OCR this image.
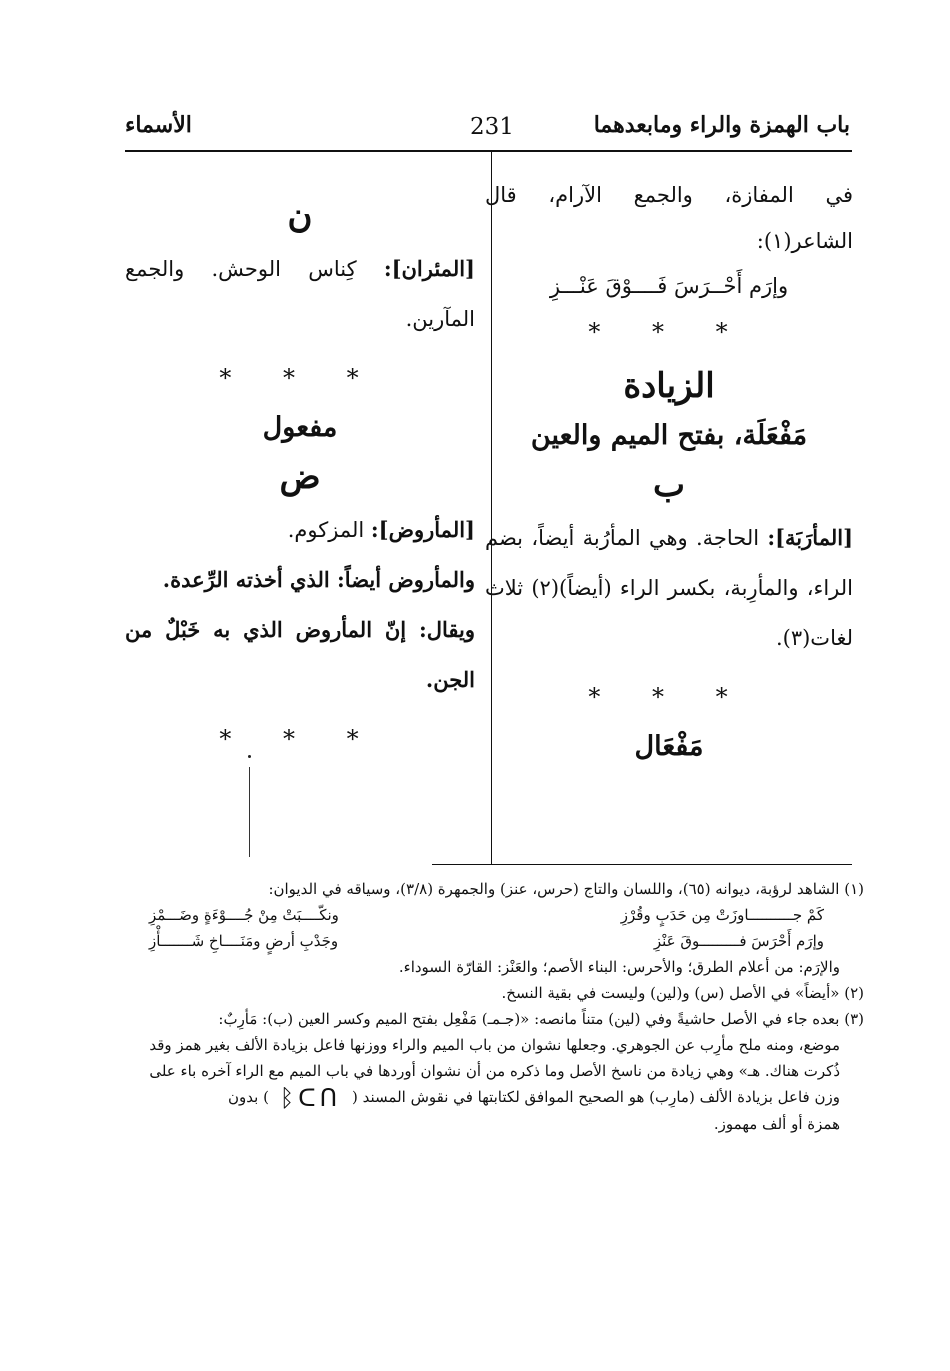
باب الهمزة والراء ومابعدهما
231
الأسماء

في المفازة، والجمع الآرام، قال الشاعر(١):

وإرَم أَحْــرَسَ فَــــوْقَ عَنْـــزِ

* * *
الزيادة
مَفْعَلَة، بفتح الميم والعين
ب

[المأرَبَة]: الحاجة. وهي المأرُبة أيضاً، بضم الراء، والمأرِبة، بكسر الراء (أيضاً)(٢) ثلاث لغات(٣).

* * *
مَفْعَال
ن

[المئران]: كِناس الوحش. والجمع المآرين.

* * *
مفعول
ض

[المأروض]: المزكوم.

والمأروض أيضاً: الذي أخذته الرِّعدة.

ويقال: إنّ المأروض الذي به خَبْلٌ من الجن.

* * *

(١) الشاهد لرؤبة، ديوانه (٦٥)، واللسان والتاج (حرس، عنز) والجمهرة (٣/٨)، وسياقه في الديوان:

كَمْ جــــــــــاوزَتْ مِن حَدَبٍ وقُرْزِ
ونكّــــبَتْ مِنْ جُــــوْءَةٍ وضَـــمْزِ
وإرَم أَحْرَسَ فـــــــــوقَ عَنْزِ
وجَدْبِ أرضٍ ومَنَــــاخِ شَـــــــأْزِ

والإرَم: من أعلام الطرق؛ والأحرس: البناء الأصم؛ والعَنْز: القارّة السوداء.

(٢) «أيضاً» في الأصل (س) و(لين) وليست في بقية النسخ.

(٣) بعده جاء في الأصل حاشيةً وفي (لين) متناً مانصه: «(جـمـ) مَفْعِل بفتح الميم وكسر العين (ب): مَأرِبٌ:

موضع، ومنه ملح مأرِب عن الجوهري. وجعلها نشوان من باب الميم والراء ووزنها فاعل بزيادة الألف بغير همز وقد

ذُكرت هناك. هـ» وهي زيادة من ناسخ الأصل وما ذكره من أن نشوان أوردها في باب الميم مع الراء آخره باء على

وزن فاعل بزيادة الألف (مارِب) هو الصحيح الموافق لكتابتها في نقوش المسند ( ᛒᑕᑎ ) بدون

همزة أو ألف مهموز.
